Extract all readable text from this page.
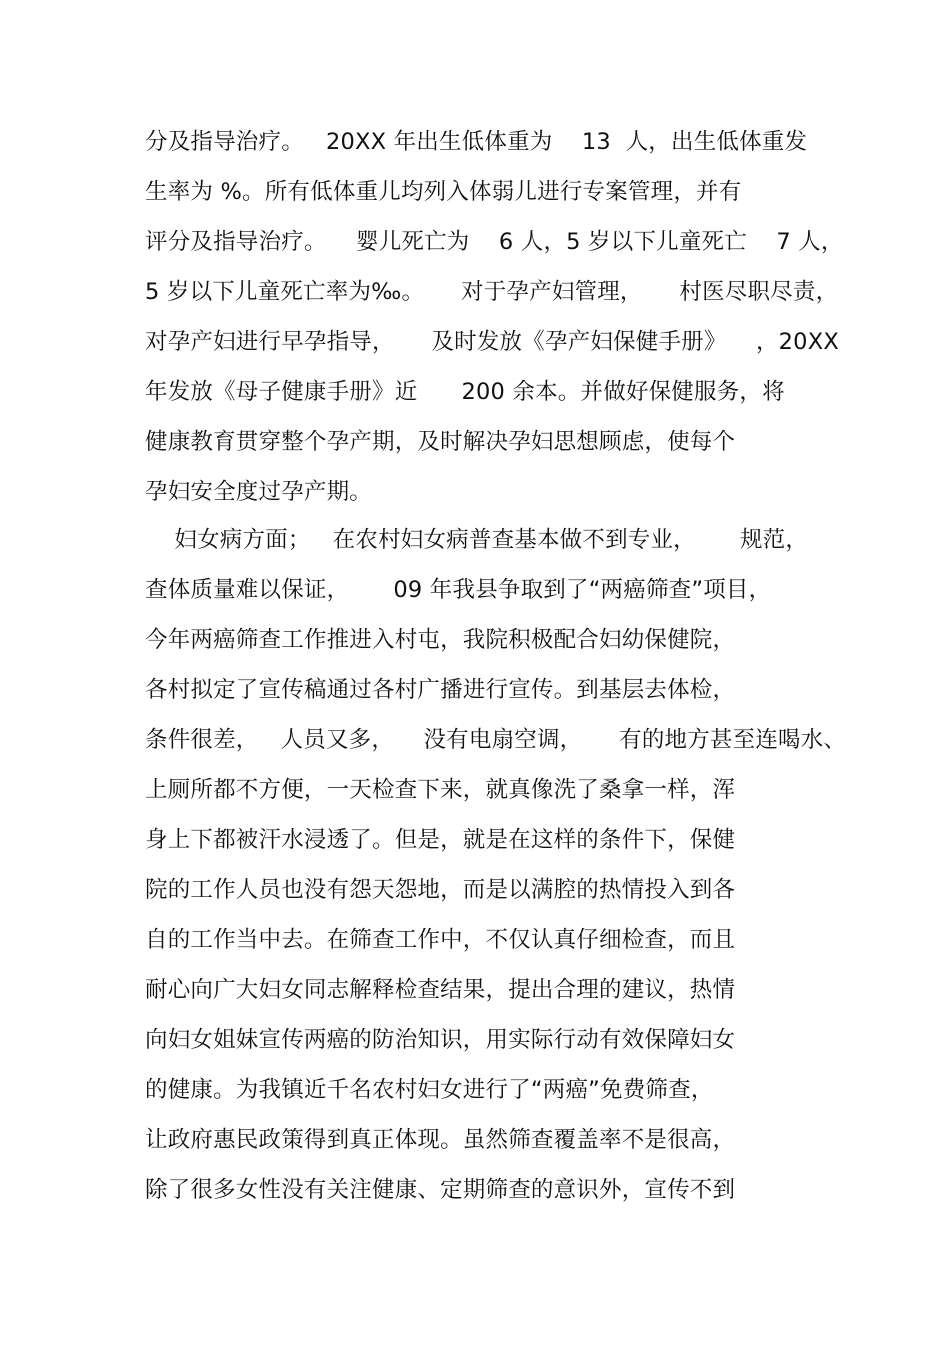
分及指导治疗。   20XX 年出生低体重为    13  人，出生低体重发
生率为 %。所有低体重儿均列入体弱儿进行专案管理，并有
评分及指导治疗。    婴儿死亡为    6 人，5 岁以下儿童死亡    7 人，
5 岁以下儿童死亡率为‰。     对于孕产妇管理，     村医尽职尽责，
对孕产妇进行早孕指导，     及时发放《孕产妇保健手册》    ，20XX
年发放《母子健康手册》近      200 余本。并做好保健服务，将
健康教育贯穿整个孕产期，及时解决孕妇思想顾虑，使每个
孕妇安全度过孕产期。
妇女病方面；   在农村妇女病普查基本做不到专业，      规范，
查体质量难以保证，      09 年我县争取到了“两癌筛查”项目，
今年两癌筛查工作推进入村屯，我院积极配合妇幼保健院，
各村拟定了宣传稿通过各村广播进行宣传。到基层去体检，
条件很差，   人员又多，    没有电扇空调，     有的地方甚至连喝水、
上厕所都不方便，一天检查下来，就真像洗了桑拿一样，浑
身上下都被汗水浸透了。但是，就是在这样的条件下，保健
院的工作人员也没有怨天怨地，而是以满腔的热情投入到各
自的工作当中去。在筛查工作中，不仅认真仔细检查，而且
耐心向广大妇女同志解释检查结果，提出合理的建议，热情
向妇女姐妹宣传两癌的防治知识，用实际行动有效保障妇女
的健康。为我镇近千名农村妇女进行了“两癌”免费筛查，
让政府惠民政策得到真正体现。虽然筛查覆盖率不是很高，
除了很多女性没有关注健康、定期筛查的意识外，宣传不到
